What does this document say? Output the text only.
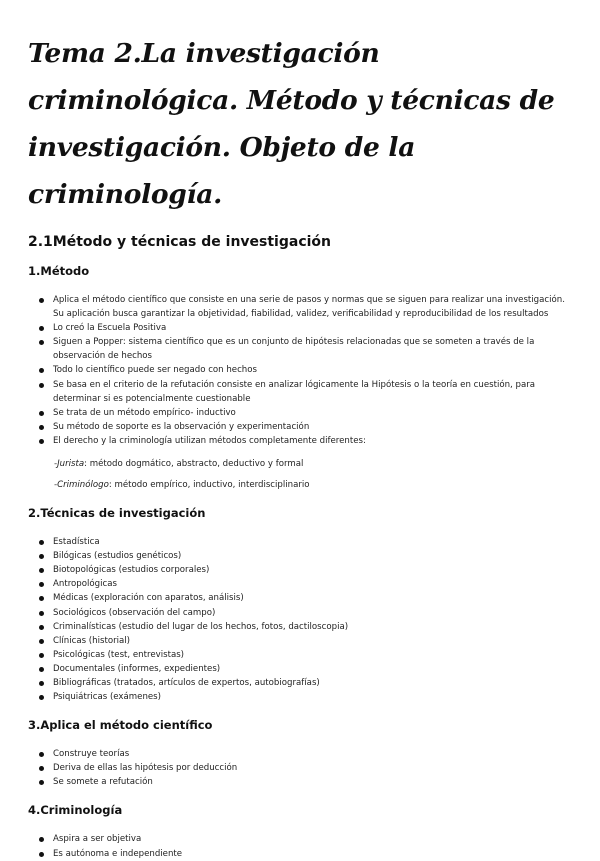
Tema 2.La investigación criminológica. Método y técnicas de investigación. Objeto de la criminología.
2.1Método y técnicas de investigación
1.Método
Aplica el método científico que consiste en una serie de pasos y normas que se siguen para realizar una investigación. Su aplicación busca garantizar la objetividad, fiabilidad, validez, verificabilidad y reproducibilidad de los resultados
Lo creó la Escuela Positiva
Siguen a Popper: sistema científico que es un conjunto de hipótesis relacionadas que se someten a través de la observación de hechos
Todo lo científico puede ser negado con hechos
Se basa en el criterio de la refutación consiste en analizar lógicamente la Hipótesis o la teoría en cuestión, para determinar si es potencialmente cuestionable
Se trata de un método empírico- inductivo
Su método de soporte es la observación y experimentación
El derecho y la criminología utilizan métodos completamente diferentes:
-Jurista: método dogmático, abstracto, deductivo y formal
-Criminólogo: método empírico, inductivo, interdisciplinario
2.Técnicas de investigación
Estadística
Bilógicas (estudios genéticos)
Biotopológicas (estudios corporales)
Antropológicas
Médicas (exploración con aparatos, análisis)
Sociológicos (observación del campo)
Criminalísticas (estudio del lugar de los hechos, fotos, dactiloscopia)
Clínicas (historial)
Psicológicas (test, entrevistas)
Documentales (informes, expedientes)
Bibliográficas (tratados, artículos de expertos, autobiografías)
Psiquiátricas (exámenes)
3.Aplica el método científico
Construye teorías
Deriva de ellas las hipótesis por deducción
Se somete a refutación
4.Criminología
Aspira a ser objetiva
Es autónoma e independiente
